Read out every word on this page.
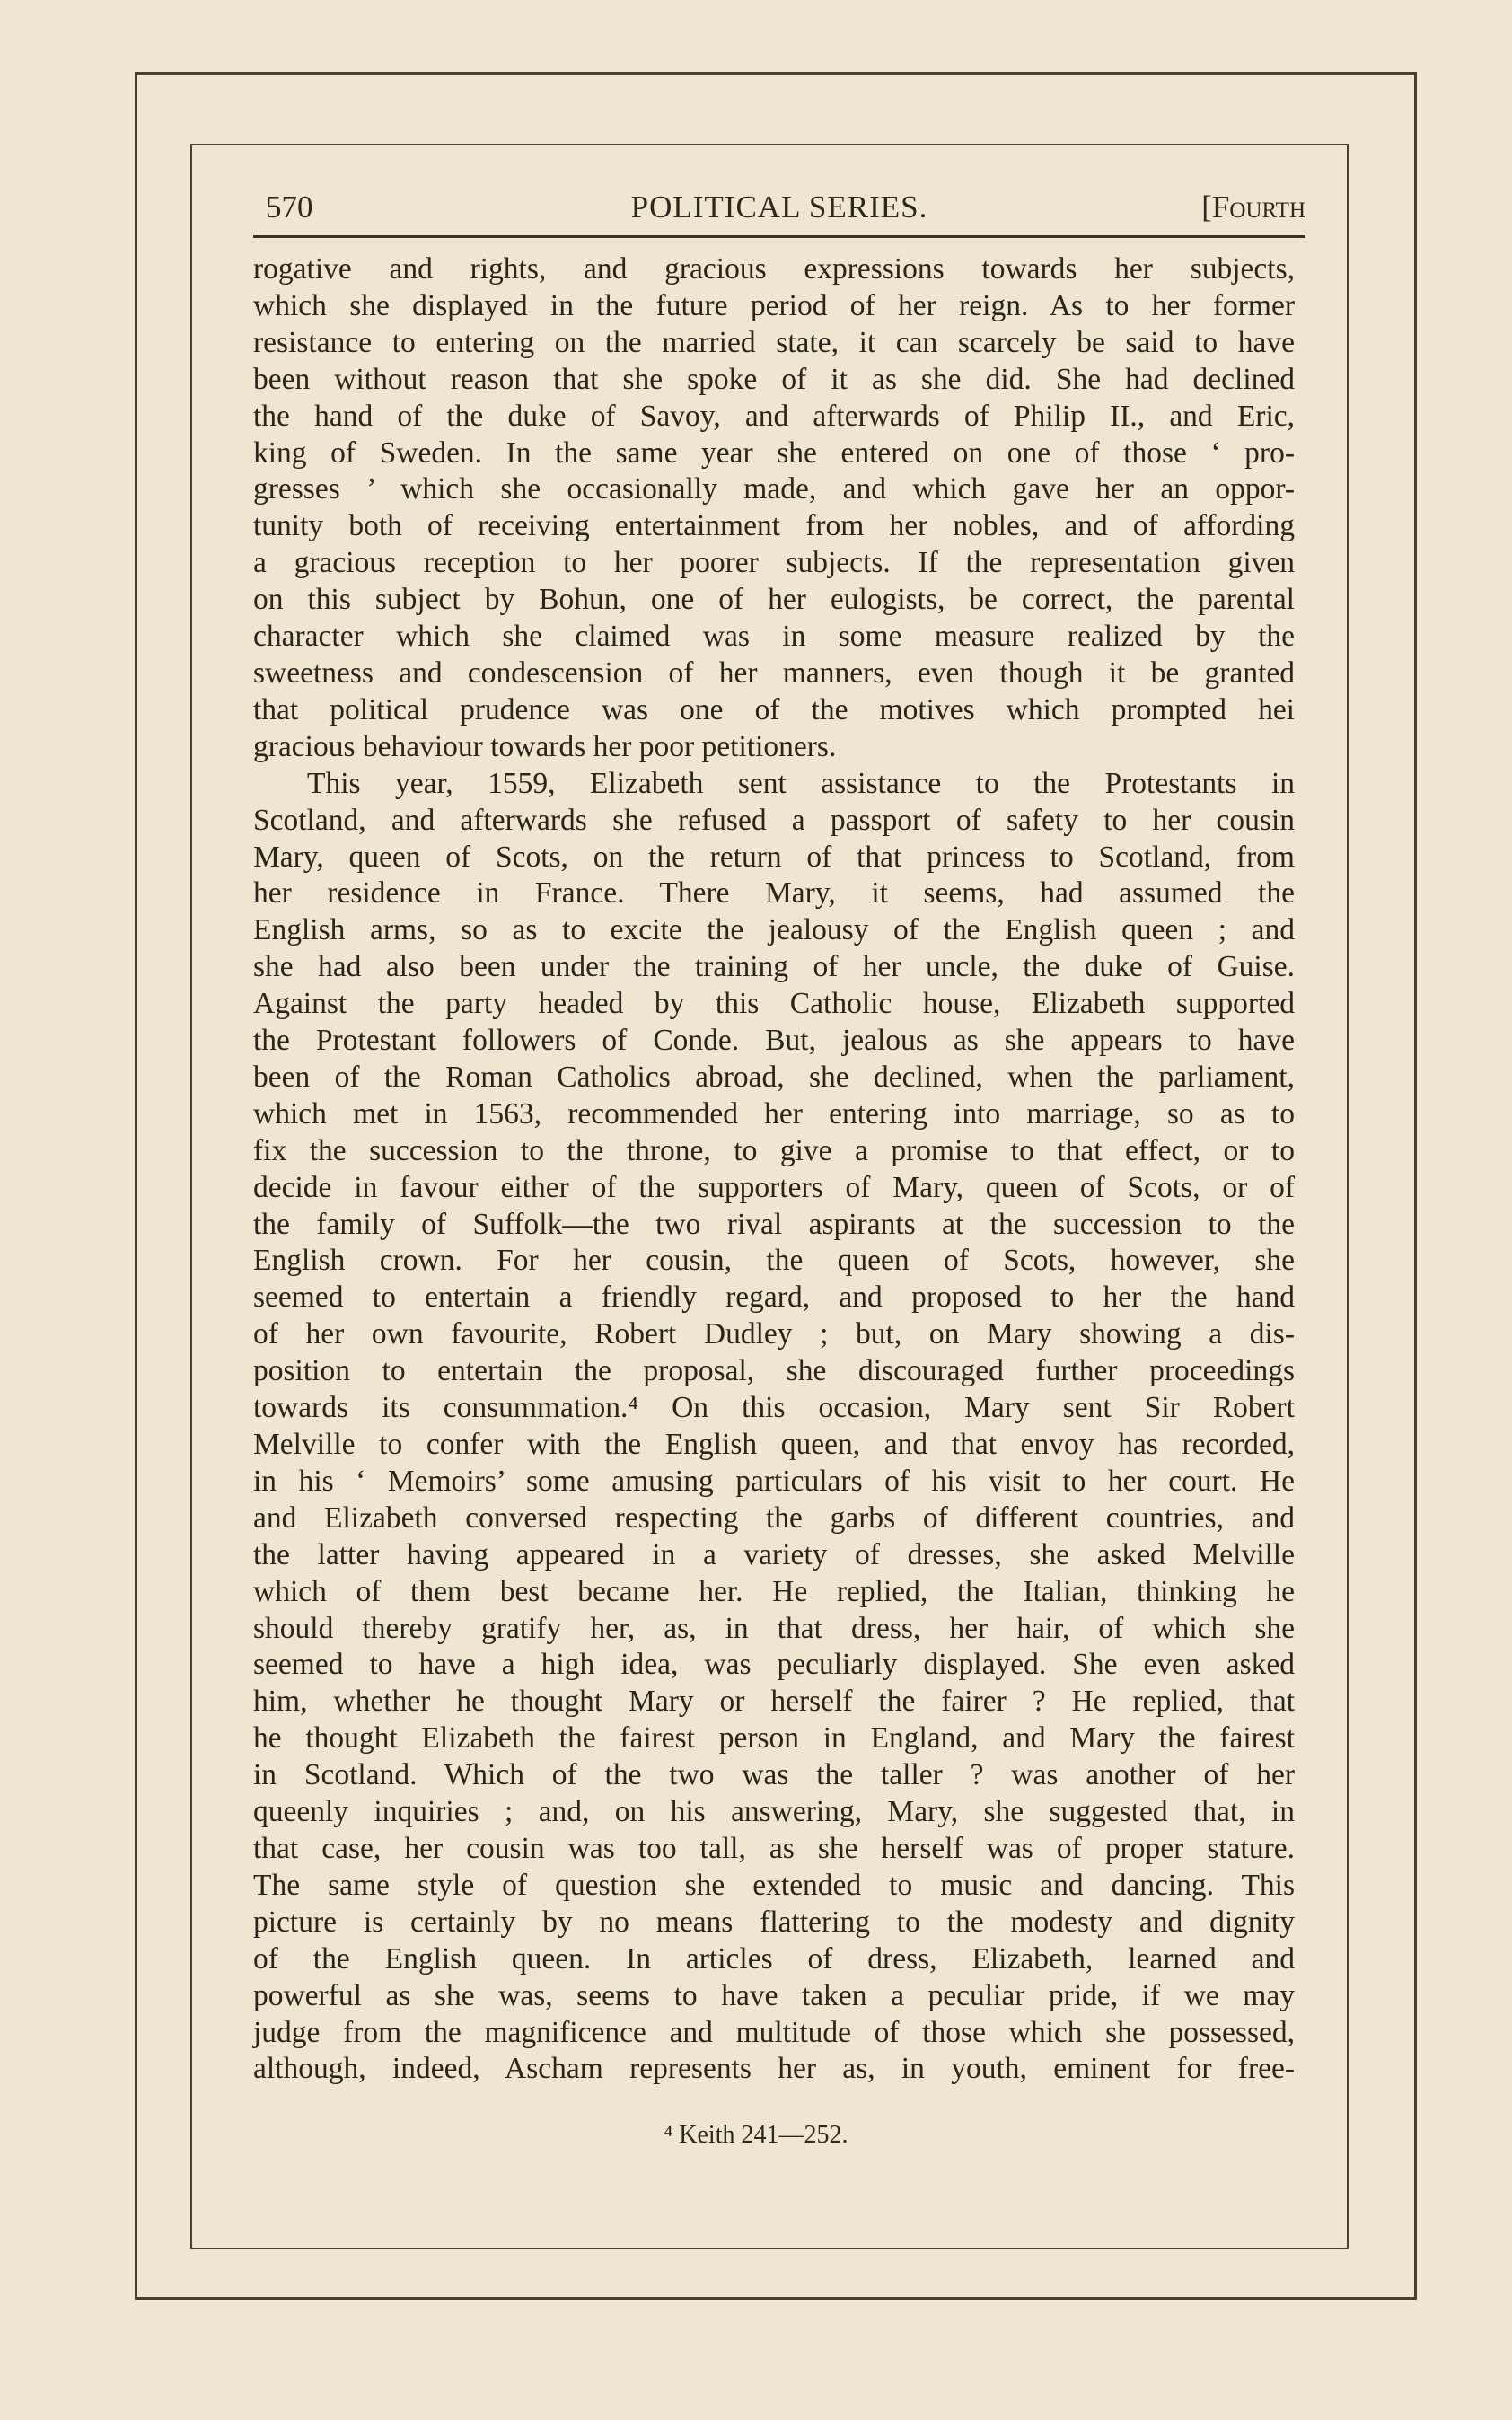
570	POLITICAL SERIES.	[Fourth

rogative and rights, and gracious expressions towards her subjects,

which she displayed in the future period of her reign. As to her former

resistance to entering on the married state, it can scarcely be said to have

been without reason that she spoke of it as she did. She had declined

the hand of the duke of Savoy, and afterwards of Philip II., and Eric,

king of Sweden. In the same year she entered on one of those ‘ pro-

gresses ’ which she occasionally made, and which gave her an oppor-

tunity both of receiving entertainment from her nobles, and of affording

a gracious reception to her poorer subjects. If the representation given

on this subject by Bohun, one of her eulogists, be correct, the parental

character which she claimed was in some measure realized by the

sweetness and condescension of her manners, even though it be granted

that political prudence was one of the motives which prompted hei

gracious behaviour towards her poor petitioners.

This year, 1559, Elizabeth sent assistance to the Protestants in

Scotland, and afterwards she refused a passport of safety to her cousin

Mary, queen of Scots, on the return of that princess to Scotland, from

her residence in France. There Mary, it seems, had assumed the

English arms, so as to excite the jealousy of the English queen ; and

she had also been under the training of her uncle, the duke of Guise.

Against the party headed by this Catholic house, Elizabeth supported

the Protestant followers of Conde. But, jealous as she appears to have

been of the Roman Catholics abroad, she declined, when the parliament,

which met in 1563, recommended her entering into marriage, so as to

fix the succession to the throne, to give a promise to that effect, or to

decide in favour either of the supporters of Mary, queen of Scots, or of

the family of Suffolk—the two rival aspirants at the succession to the

English crown. For her cousin, the queen of Scots, however, she

seemed to entertain a friendly regard, and proposed to her the hand

of her own favourite, Robert Dudley ; but, on Mary showing a dis-

position to entertain the proposal, she discouraged further proceedings

towards its consummation.⁴ On this occasion, Mary sent Sir Robert

Melville to confer with the English queen, and that envoy has recorded,

in his ‘ Memoirs’ some amusing particulars of his visit to her court. He

and Elizabeth conversed respecting the garbs of different countries, and

the latter having appeared in a variety of dresses, she asked Melville

which of them best became her. He replied, the Italian, thinking he

should thereby gratify her, as, in that dress, her hair, of which she

seemed to have a high idea, was peculiarly displayed. She even asked

him, whether he thought Mary or herself the fairer ? He replied, that

he thought Elizabeth the fairest person in England, and Mary the fairest

in Scotland. Which of the two was the taller ? was another of her

queenly inquiries ; and, on his answering, Mary, she suggested that, in

that case, her cousin was too tall, as she herself was of proper stature.

The same style of question she extended to music and dancing. This

picture is certainly by no means flattering to the modesty and dignity

of the English queen. In articles of dress, Elizabeth, learned and

powerful as she was, seems to have taken a peculiar pride, if we may

judge from the magnificence and multitude of those which she possessed,

although, indeed, Ascham represents her as, in youth, eminent for free-

⁴ Keith 241—252.
